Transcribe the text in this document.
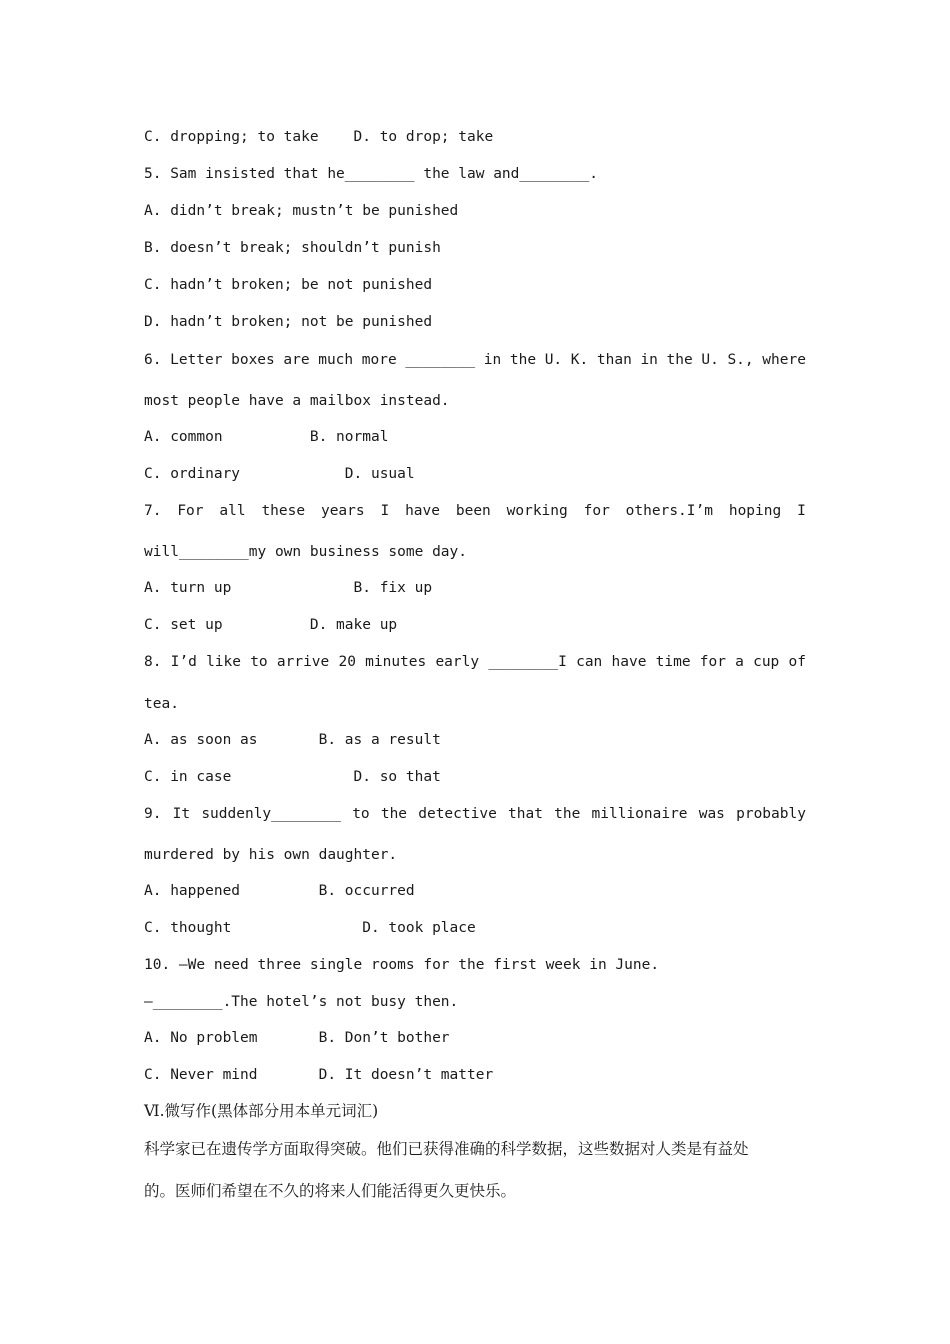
C. dropping; to take    D. to drop; take
5. Sam insisted that he________ the law and________.
A. didn’t break; mustn’t be punished
B. doesn’t break; shouldn’t punish
C. hadn’t broken; be not punished
D. hadn’t broken; not be punished
6. Letter boxes are much more ________ in the U. K. than in the U. S., where
most people have a mailbox instead.
A. common          B. normal
C. ordinary            D. usual
7. For all these years I have been working for others.I’m hoping I
will________my own business some day.
A. turn up              B. fix up
C. set up          D. make up
8. I’d like to arrive 20 minutes early ________I can have time for a cup of
tea.
A. as soon as       B. as a result
C. in case              D. so that
9. It suddenly________ to the detective that the millionaire was probably
murdered by his own daughter.
A. happened         B. occurred
C. thought               D. took place
10. —We need three single rooms for the first week in June.
—________.The hotel’s not busy then.
A. No problem       B. Don’t bother
C. Never mind       D. It doesn’t matter
Ⅵ.微写作(黑体部分用本单元词汇)
科学家已在遗传学方面取得突破。他们已获得准确的科学数据，这些数据对人类是有益处
的。医师们希望在不久的将来人们能活得更久更快乐。
